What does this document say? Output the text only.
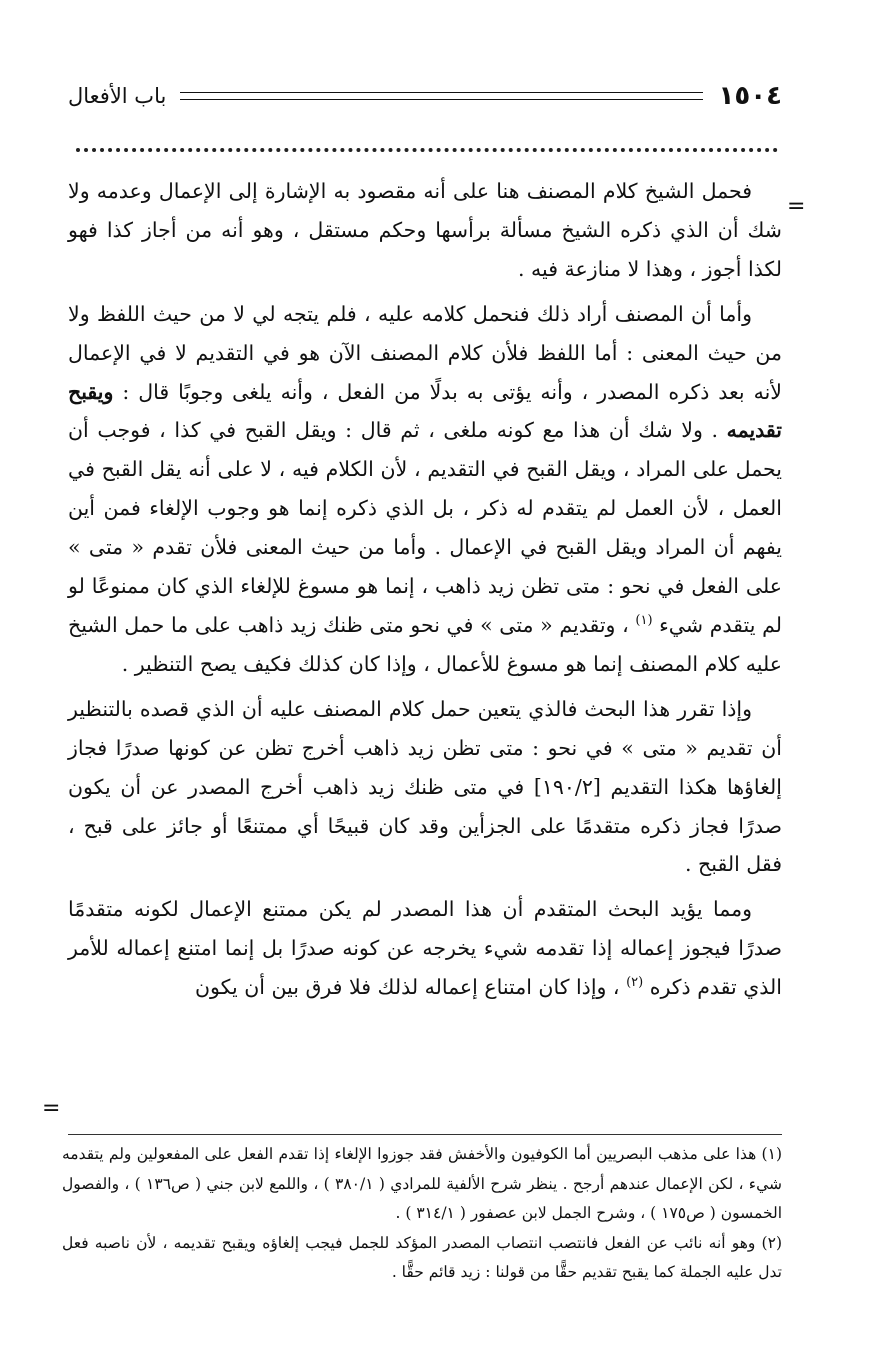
١٥٠٤
باب الأفعال
=

فحمل الشيخ كلام المصنف هنا على أنه مقصود به الإشارة إلى الإعمال وعدمه ولا شك أن الذي ذكره الشيخ مسألة برأسها وحكم مستقل ، وهو أنه من أجاز كذا فهو لكذا أجوز ، وهذا لا منازعة فيه .

وأما أن المصنف أراد ذلك فنحمل كلامه عليه ، فلم يتجه لي لا من حيث اللفظ ولا من حيث المعنى : أما اللفظ فلأن كلام المصنف الآن هو في التقديم لا في الإعمال لأنه بعد ذكره المصدر ، وأنه يؤتى به بدلًا من الفعل ، وأنه يلغى وجوبًا قال : ويقبح تقديمه . ولا شك أن هذا مع كونه ملغى ، ثم قال : ويقل القبح في كذا ، فوجب أن يحمل على المراد ، ويقل القبح في التقديم ، لأن الكلام فيه ، لا على أنه يقل القبح في العمل ، لأن العمل لم يتقدم له ذكر ، بل الذي ذكره إنما هو وجوب الإلغاء فمن أين يفهم أن المراد ويقل القبح في الإعمال . وأما من حيث المعنى فلأن تقدم « متى » على الفعل في نحو : متى تظن زيد ذاهب ، إنما هو مسوغ للإلغاء الذي كان ممنوعًا لو لم يتقدم شيء $^{(١)}$ ، وتقديم « متى » في نحو متى ظنك زيد ذاهب على ما حمل الشيخ عليه كلام المصنف إنما هو مسوغ للأعمال ، وإذا كان كذلك فكيف يصح التنظير .

وإذا تقرر هذا البحث فالذي يتعين حمل كلام المصنف عليه أن الذي قصده بالتنظير أن تقديم « متى » في نحو : متى تظن زيد ذاهب أخرج تظن عن كونها صدرًا فجاز إلغاؤها هكذا التقديم [١٩٠/٢] في متى ظنك زيد ذاهب أخرج المصدر عن أن يكون صدرًا فجاز ذكره متقدمًا على الجزأين وقد كان قبيحًا أي ممتنعًا أو جائز على قبح ، فقل القبح .

ومما يؤيد البحث المتقدم أن هذا المصدر لم يكن ممتنع الإعمال لكونه متقدمًا صدرًا فيجوز إعماله إذا تقدمه شيء يخرجه عن كونه صدرًا بل إنما امتنع إعماله للأمر الذي تقدم ذكره $^{(٢)}$ ، وإذا كان امتناع إعماله لذلك فلا فرق بين أن يكون

=

(١) هذا على مذهب البصريين أما الكوفيون والأخفش فقد جوزوا الإلغاء إذا تقدم الفعل على المفعولين ولم يتقدمه شيء ، لكن الإعمال عندهم أرجح . ينظر شرح الألفية للمرادي ( ٣٨٠/١ ) ، واللمع لابن جني ( ص١٣٦ ) ، والفصول الخمسون ( ص١٧٥ ) ، وشرح الجمل لابن عصفور ( ٣١٤/١ ) .

(٢) وهو أنه نائب عن الفعل فانتصب انتصاب المصدر المؤكد للجمل فيجب إلغاؤه ويقبح تقديمه ، لأن ناصبه فعل تدل عليه الجملة كما يقبح تقديم حقًّا من قولنا : زيد قائم حقًّا .
